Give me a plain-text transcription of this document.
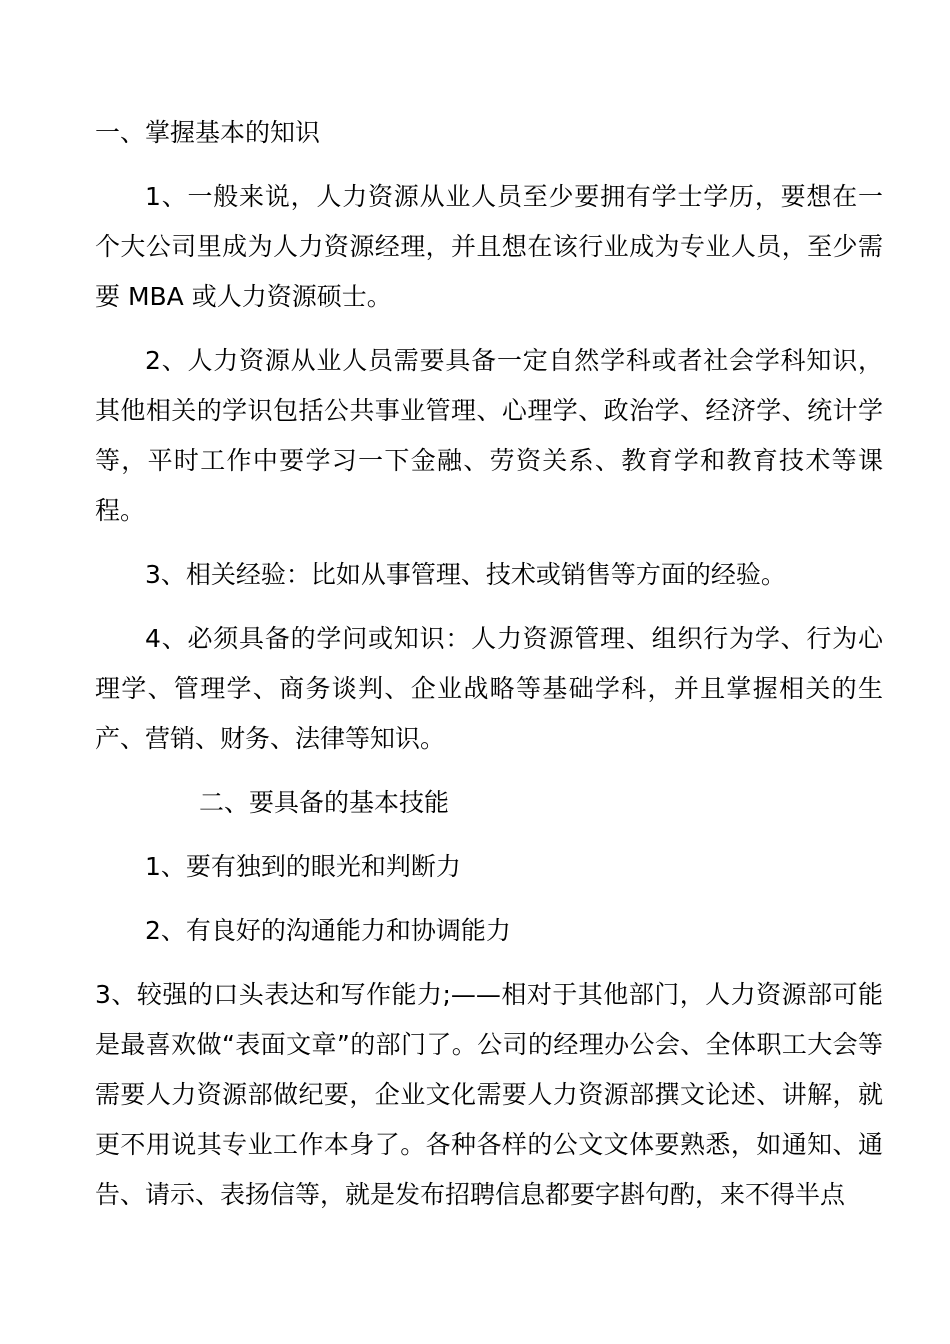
一、掌握基本的知识

1、一般来说，人力资源从业人员至少要拥有学士学历，要想在一个大公司里成为人力资源经理，并且想在该行业成为专业人员，至少需要 MBA 或人力资源硕士。

2、人力资源从业人员需要具备一定自然学科或者社会学科知识，其他相关的学识包括公共事业管理、心理学、政治学、经济学、统计学等，平时工作中要学习一下金融、劳资关系、教育学和教育技术等课程。

3、相关经验：比如从事管理、技术或销售等方面的经验。

4、必须具备的学问或知识：人力资源管理、组织行为学、行为心理学、管理学、商务谈判、企业战略等基础学科，并且掌握相关的生产、营销、财务、法律等知识。

二、要具备的基本技能

1、要有独到的眼光和判断力

2、有良好的沟通能力和协调能力

3、较强的口头表达和写作能力;——相对于其他部门，人力资源部可能是最喜欢做“表面文章”的部门了。公司的经理办公会、全体职工大会等需要人力资源部做纪要，企业文化需要人力资源部撰文论述、讲解，就更不用说其专业工作本身了。各种各样的公文文体要熟悉，如通知、通告、请示、表扬信等，就是发布招聘信息都要字斟句酌，来不得半点
